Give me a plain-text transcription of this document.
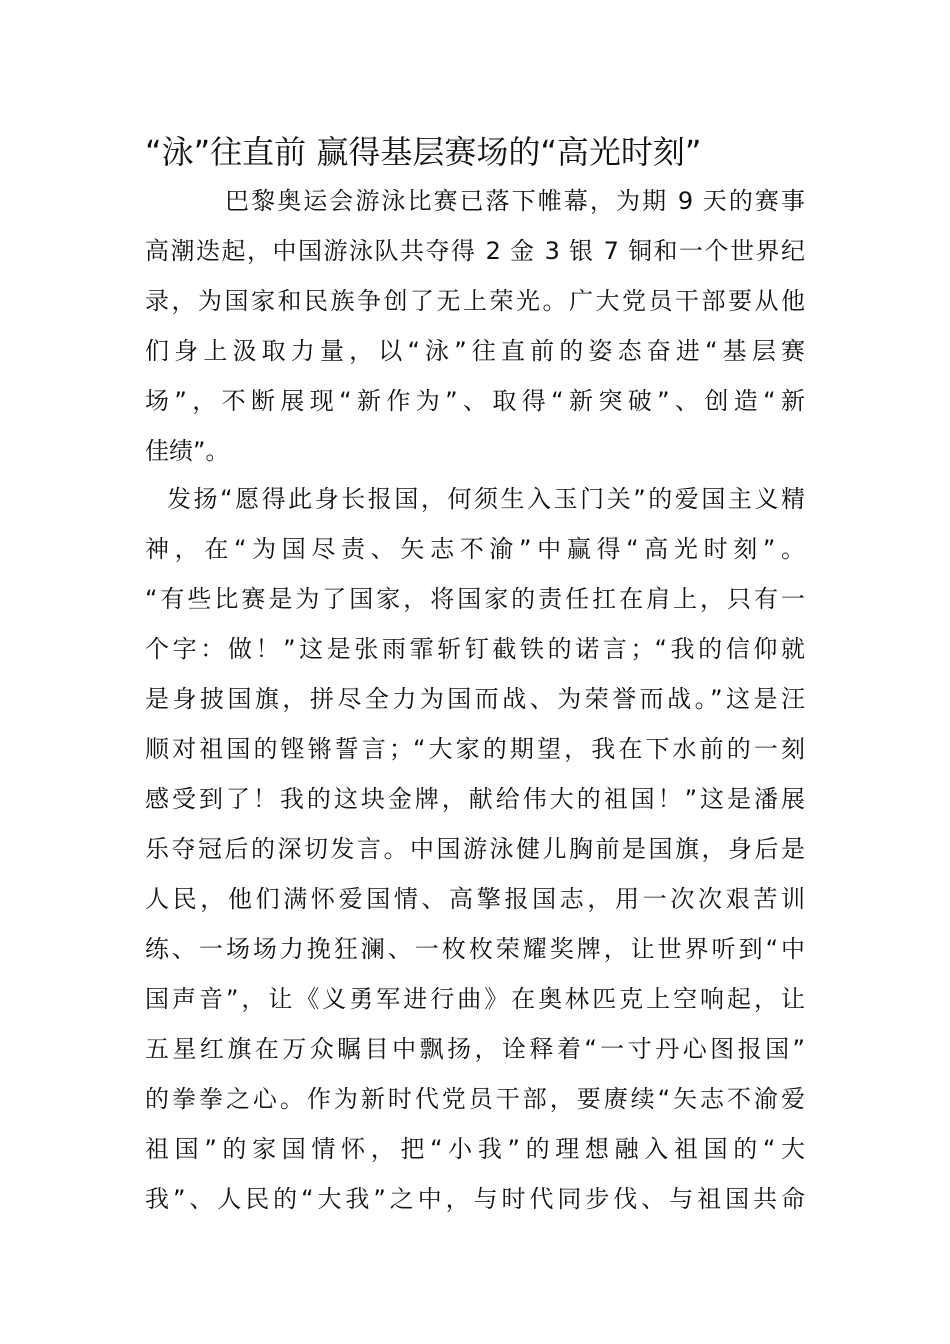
“泳”往直前 赢得基层赛场的“高光时刻”
巴黎奥运会游泳比赛已落下帷幕，为期 9 天的赛事
高潮迭起，中国游泳队共夺得 2 金 3 银 7 铜和一个世界纪
录，为国家和民族争创了无上荣光。广大党员干部要从他
们身上汲取力量，以“泳”往直前的姿态奋进“基层赛
场”，不断展现“新作为”、取得“新突破”、创造“新
佳绩”。
发扬“愿得此身长报国，何须生入玉门关”的爱国主义精
神，在“为国尽责、矢志不渝”中赢得“高光时刻”。
“有些比赛是为了国家，将国家的责任扛在肩上，只有一
个字：做！”这是张雨霏斩钉截铁的诺言；“我的信仰就
是身披国旗，拼尽全力为国而战、为荣誉而战。”这是汪
顺对祖国的铿锵誓言；“大家的期望，我在下水前的一刻
感受到了！我的这块金牌，献给伟大的祖国！”这是潘展
乐夺冠后的深切发言。中国游泳健儿胸前是国旗，身后是
人民，他们满怀爱国情、高擎报国志，用一次次艰苦训
练、一场场力挽狂澜、一枚枚荣耀奖牌，让世界听到“中
国声音”，让《义勇军进行曲》在奥林匹克上空响起，让
五星红旗在万众瞩目中飘扬，诠释着“一寸丹心图报国”
的拳拳之心。作为新时代党员干部，要赓续“矢志不渝爱
祖国”的家国情怀，把“小我”的理想融入祖国的“大
我”、人民的“大我”之中，与时代同步伐、与祖国共命
